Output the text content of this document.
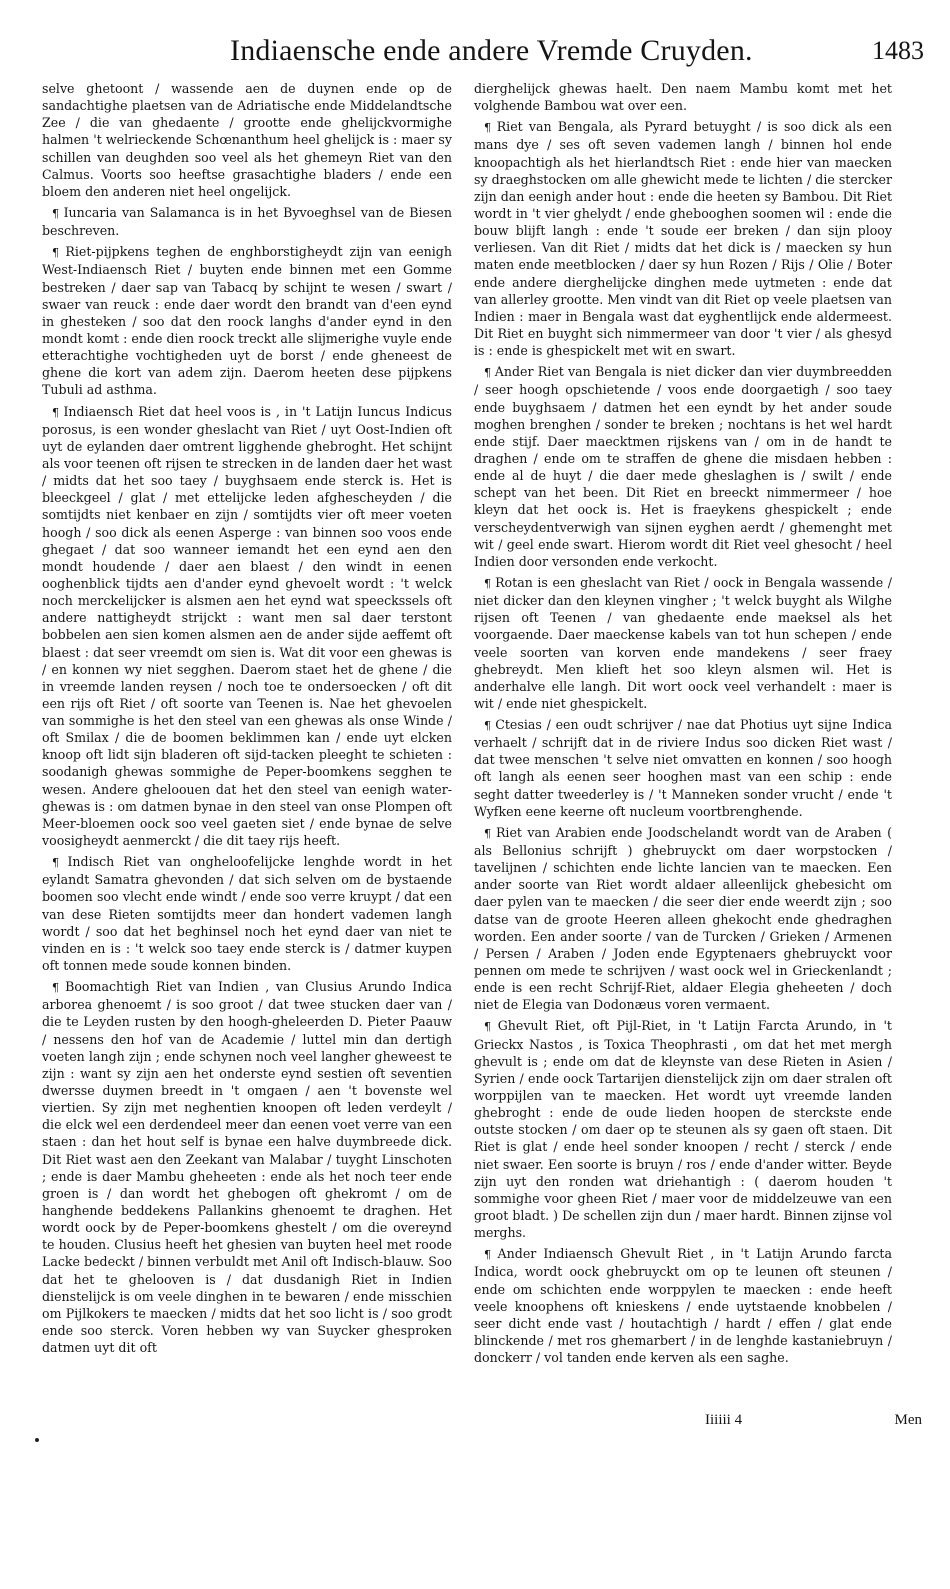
Indiaensche ende andere Vremde Cruyden.	1483

selve ghetoont / wassende aen de duynen ende op de sandachtighe plaetsen van de Adriatische ende Middelandtsche Zee / die van ghedaente / grootte ende ghelijckvormighe halmen 't welrieckende Schœnanthum heel ghelijck is : maer sy schillen van deughden soo veel als het ghemeyn Riet van den Calmus. Voorts soo heeftse grasachtighe bladers / ende een bloem den anderen niet heel ongelijck.

¶ Iuncaria van Salamanca is in het Byvoeghsel van de Biesen beschreven.

¶ Riet-pijpkens teghen de enghborstigheydt zijn van eenigh West-Indiaensch Riet / buyten ende binnen met een Gomme bestreken / daer sap van Tabacq by schijnt te wesen / swart / swaer van reuck : ende daer wordt den brandt van d'een eynd in ghesteken / soo dat den roock langhs d'ander eynd in den mondt komt : ende dien roock treckt alle slijmerighe vuyle ende etterachtighe vochtigheden uyt de borst / ende gheneest de ghene die kort van adem zijn. Daerom heeten dese pijpkens Tubuli ad asthma.

¶ Indiaensch Riet dat heel voos is , in 't Latijn Iuncus Indicus porosus, is een wonder gheslacht van Riet / uyt Oost-Indien oft uyt de eylanden daer omtrent ligghende ghebroght. Het schijnt als voor teenen oft rijsen te strecken in de landen daer het wast / midts dat het soo taey / buyghsaem ende sterck is. Het is bleeckgeel / glat / met ettelijcke leden afghescheyden / die somtijdts niet kenbaer en zijn / somtijdts vier oft meer voeten hoogh / soo dick als eenen Asperge : van binnen soo voos ende ghegaet / dat soo wanneer iemandt het een eynd aen den mondt houdende / daer aen blaest / den windt in eenen ooghenblick tijdts aen d'ander eynd ghevoelt wordt : 't welck noch merckelijcker is alsmen aen het eynd wat speeckssels oft andere nattigheydt strijckt : want men sal daer terstont bobbelen aen sien komen alsmen aen de ander sijde aeffemt oft blaest : dat seer vreemdt om sien is. Wat dit voor een ghewas is / en konnen wy niet segghen. Daerom staet het de ghene / die in vreemde landen reysen / noch toe te ondersoecken / oft dit een rijs oft Riet / oft soorte van Teenen is. Nae het ghevoelen van sommighe is het den steel van een ghewas als onse Winde / oft Smilax / die de boomen beklimmen kan / ende uyt elcken knoop oft lidt sijn bladeren oft sijd-tacken pleeght te schieten : soodanigh ghewas sommighe de Peper-boomkens segghen te wesen. Andere gheloouen dat het den steel van eenigh water-ghewas is : om datmen bynae in den steel van onse Plompen oft Meer-bloemen oock soo veel gaeten siet / ende bynae de selve voosigheydt aenmerckt / die dit taey rijs heeft.

¶ Indisch Riet van ongheloofelijcke lenghde wordt in het eylandt Samatra ghevonden / dat sich selven om de bystaende boomen soo vlecht ende windt / ende soo verre kruypt / dat een van dese Rieten somtijdts meer dan hondert vademen langh wordt / soo dat het beghinsel noch het eynd daer van niet te vinden en is : 't welck soo taey ende sterck is / datmer kuypen oft tonnen mede soude konnen binden.

¶ Boomachtigh Riet van Indien , van Clusius Arundo Indica arborea ghenoemt / is soo groot / dat twee stucken daer van / die te Leyden rusten by den hoogh-gheleerden D. Pieter Paauw / nessens den hof van de Academie / luttel min dan dertigh voeten langh zijn ; ende schynen noch veel langher gheweest te zijn : want sy zijn aen het onderste eynd sestien oft seventien dwersse duymen breedt in 't omgaen / aen 't bovenste wel viertien. Sy zijn met neghentien knoopen oft leden verdeylt / die elck wel een derdendeel meer dan eenen voet verre van een staen : dan het hout self is bynae een halve duymbreede dick. Dit Riet wast aen den Zeekant van Malabar / tuyght Linschoten ; ende is daer Mambu gheheeten : ende als het noch teer ende groen is / dan wordt het ghebogen oft ghekromt / om de hanghende beddekens Pallankins ghenoemt te draghen. Het wordt oock by de Peper-boomkens ghestelt / om die overeynd te houden. Clusius heeft het ghesien van buyten heel met roode Lacke bedeckt / binnen verbuldt met Anil oft Indisch-blauw. Soo dat het te ghelooven is / dat dusdanigh Riet in Indien dienstelijck is om veele dinghen in te bewaren / ende misschien om Pijlkokers te maecken / midts dat het soo licht is / soo grodt ende soo sterck. Voren hebben wy van Suycker ghesproken datmen uyt dit oft

dierghelijck ghewas haelt. Den naem Mambu komt met het volghende Bambou wat over een.

¶ Riet van Bengala, als Pyrard betuyght / is soo dick als een mans dye / ses oft seven vademen langh / binnen hol ende knoopachtigh als het hierlandtsch Riet : ende hier van maecken sy draeghstocken om alle ghewicht mede te lichten / die stercker zijn dan eenigh ander hout : ende die heeten sy Bambou. Dit Riet wordt in 't vier ghelydt / ende ghebooghen soomen wil : ende die bouw blijft langh : ende 't soude eer breken / dan sijn plooy verliesen. Van dit Riet / midts dat het dick is / maecken sy hun maten ende meetblocken / daer sy hun Rozen / Rijs / Olie / Boter ende andere dierghelijcke dinghen mede uytmeten : ende dat van allerley grootte. Men vindt van dit Riet op veele plaetsen van Indien : maer in Bengala wast dat eyghentlijck ende aldermeest. Dit Riet en buyght sich nimmermeer van door 't vier / als ghesyd is : ende is ghespickelt met wit en swart.

¶ Ander Riet van Bengala is niet dicker dan vier duymbreedden / seer hoogh opschietende / voos ende doorgaetigh / soo taey ende buyghsaem / datmen het een eyndt by het ander soude moghen brenghen / sonder te breken ; nochtans is het wel hardt ende stijf. Daer maecktmen rijskens van / om in de handt te draghen / ende om te straffen de ghene die misdaen hebben : ende al de huyt / die daer mede gheslaghen is / swilt / ende schept van het been. Dit Riet en breeckt nimmermeer / hoe kleyn dat het oock is. Het is fraeykens ghespickelt ; ende verscheydentverwigh van sijnen eyghen aerdt / ghemenght met wit / geel ende swart. Hierom wordt dit Riet veel ghesocht / heel Indien door versonden ende verkocht.

¶ Rotan is een gheslacht van Riet / oock in Bengala wassende / niet dicker dan den kleynen vingher ; 't welck buyght als Wilghe rijsen oft Teenen / van ghedaente ende maeksel als het voorgaende. Daer maeckense kabels van tot hun schepen / ende veele soorten van korven ende mandekens / seer fraey ghebreydt. Men klieft het soo kleyn alsmen wil. Het is anderhalve elle langh. Dit wort oock veel verhandelt : maer is wit / ende niet ghespickelt.

¶ Ctesias / een oudt schrijver / nae dat Photius uyt sijne Indica verhaelt / schrijft dat in de riviere Indus soo dicken Riet wast / dat twee menschen 't selve niet omvatten en konnen / soo hoogh oft langh als eenen seer hooghen mast van een schip : ende seght datter tweederley is / 't Manneken sonder vrucht / ende 't Wyfken eene keerne oft nucleum voortbrenghende.

¶ Riet van Arabien ende Joodschelandt wordt van de Araben ( als Bellonius schrijft ) ghebruyckt om daer worpstocken / tavelijnen / schichten ende lichte lancien van te maecken. Een ander soorte van Riet wordt aldaer alleenlijck ghebesicht om daer pylen van te maecken / die seer dier ende weerdt zijn ; soo datse van de groote Heeren alleen ghekocht ende ghedraghen worden. Een ander soorte / van de Turcken / Grieken / Armenen / Persen / Araben / Joden ende Egyptenaers ghebruyckt voor pennen om mede te schrijven / wast oock wel in Grieckenlandt ; ende is een recht Schrijf-Riet, aldaer Elegia gheheeten / doch niet de Elegia van Dodonæus voren vermaent.

¶ Ghevult Riet, oft Pijl-Riet, in 't Latijn Farcta Arundo, in 't Grieckx Nastos , is Toxica Theophrasti , om dat het met mergh ghevult is ; ende om dat de kleynste van dese Rieten in Asien / Syrien / ende oock Tartarijen dienstelijck zijn om daer stralen oft worppijlen van te maecken. Het wordt uyt vreemde landen ghebroght : ende de oude lieden hoopen de sterckste ende outste stocken / om daer op te steunen als sy gaen oft staen. Dit Riet is glat / ende heel sonder knoopen / recht / sterck / ende niet swaer. Een soorte is bruyn / ros / ende d'ander witter. Beyde zijn uyt den ronden wat driehantigh : ( daerom houden 't sommighe voor gheen Riet / maer voor de middelzeuwe van een groot bladt. ) De schellen zijn dun / maer hardt. Binnen zijnse vol merghs.

¶ Ander Indiaensch Ghevult Riet , in 't Latijn Arundo farcta Indica, wordt oock ghebruyckt om op te leunen oft steunen / ende om schichten ende worppylen te maecken : ende heeft veele knoophens oft knieskens / ende uytstaende knobbelen / seer dicht ende vast / houtachtigh / hardt / effen / glat ende blinckende / met ros ghemarbert / in de lenghde kastaniebruyn / donckerr / vol tanden ende kerven als een saghe.

Iiiiii 4	Men
